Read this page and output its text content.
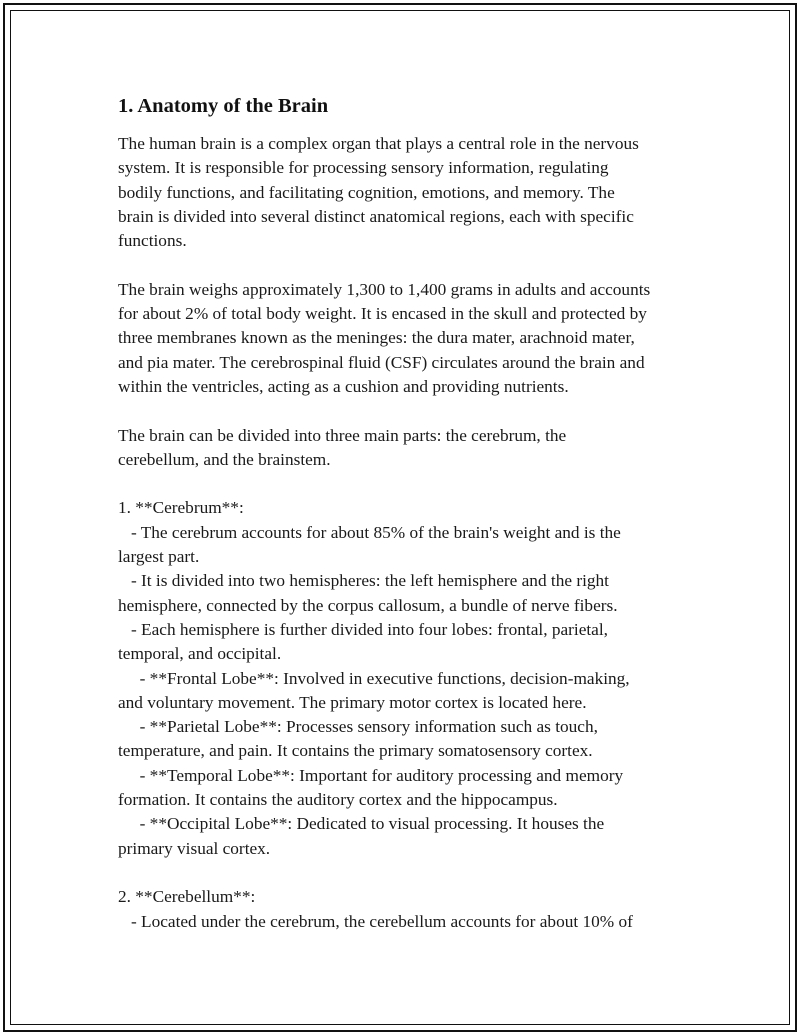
1. Anatomy of the Brain

The human brain is a complex organ that plays a central role in the nervous
system. It is responsible for processing sensory information, regulating
bodily functions, and facilitating cognition, emotions, and memory. The
brain is divided into several distinct anatomical regions, each with specific
functions.

The brain weighs approximately 1,300 to 1,400 grams in adults and accounts
for about 2% of total body weight. It is encased in the skull and protected by
three membranes known as the meninges: the dura mater, arachnoid mater,
and pia mater. The cerebrospinal fluid (CSF) circulates around the brain and
within the ventricles, acting as a cushion and providing nutrients.

The brain can be divided into three main parts: the cerebrum, the
cerebellum, and the brainstem.

1. **Cerebrum**:
- The cerebrum accounts for about 85% of the brain's weight and is the
largest part.
- It is divided into two hemispheres: the left hemisphere and the right
hemisphere, connected by the corpus callosum, a bundle of nerve fibers.
- Each hemisphere is further divided into four lobes: frontal, parietal,
temporal, and occipital.
- **Frontal Lobe**: Involved in executive functions, decision-making,
and voluntary movement. The primary motor cortex is located here.
- **Parietal Lobe**: Processes sensory information such as touch,
temperature, and pain. It contains the primary somatosensory cortex.
- **Temporal Lobe**: Important for auditory processing and memory
formation. It contains the auditory cortex and the hippocampus.
- **Occipital Lobe**: Dedicated to visual processing. It houses the
primary visual cortex.

2. **Cerebellum**:
- Located under the cerebrum, the cerebellum accounts for about 10% of
